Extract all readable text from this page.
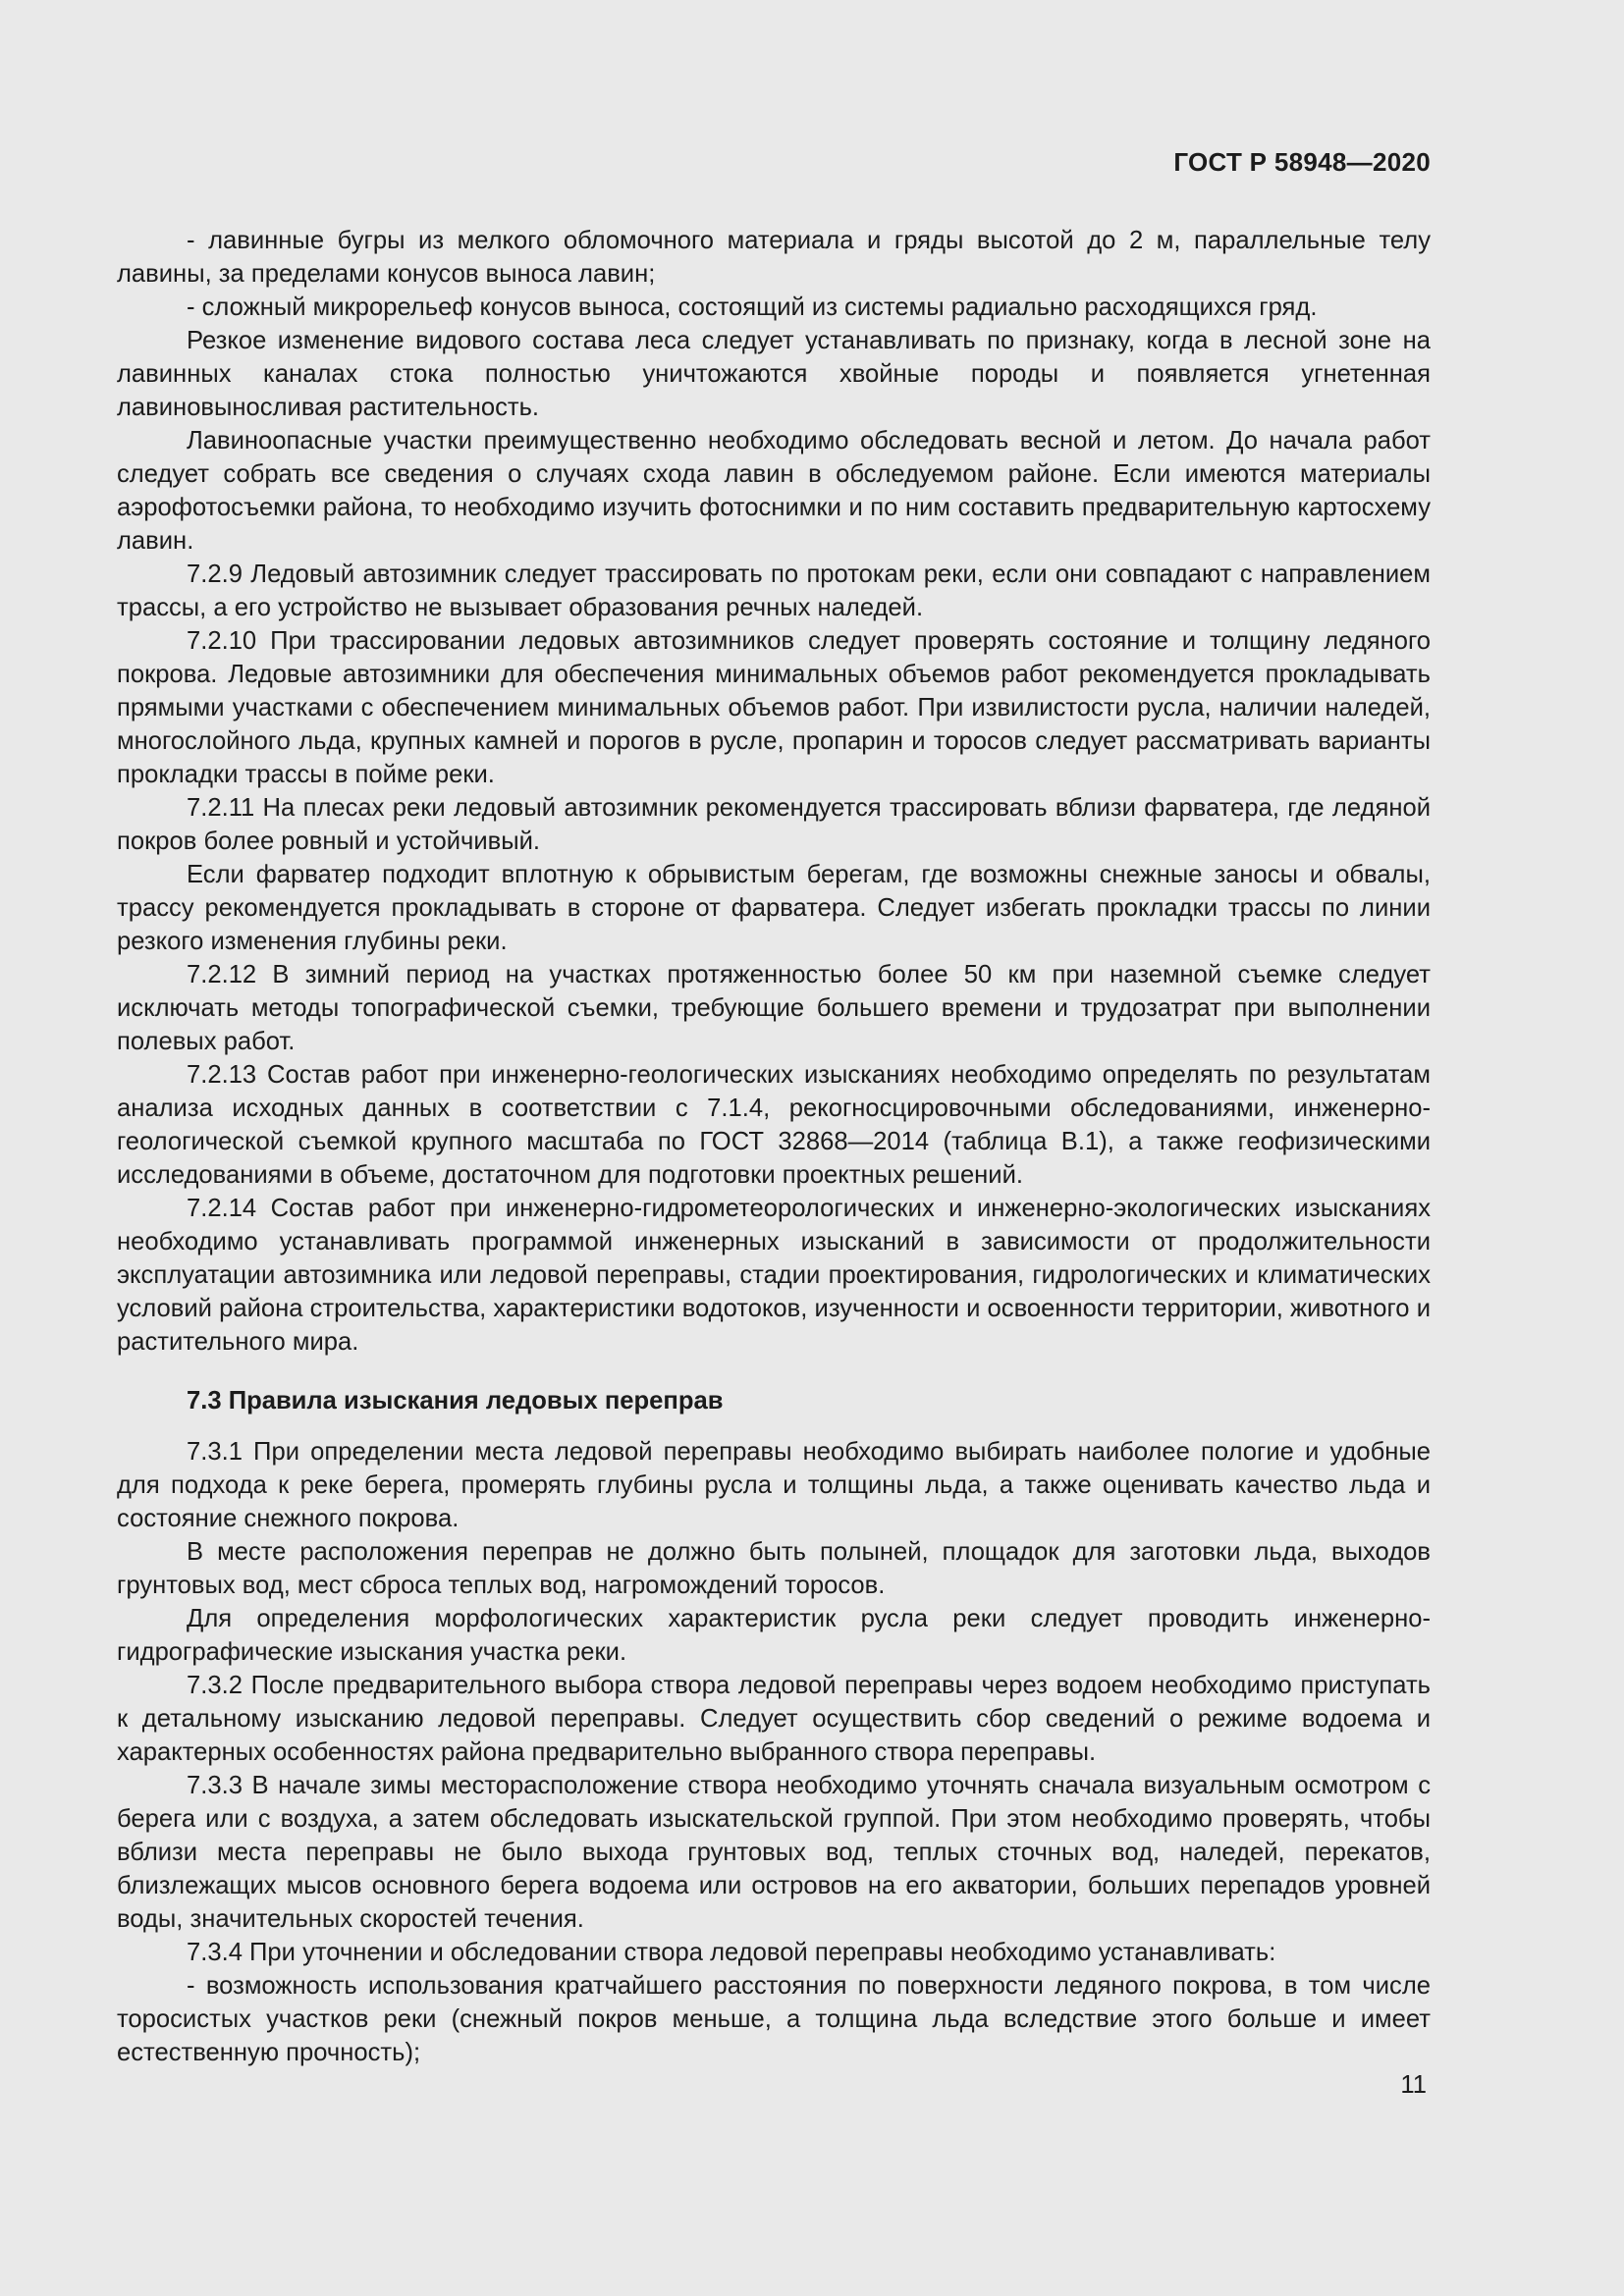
ГОСТ Р 58948—2020

- лавинные бугры из мелкого обломочного материала и гряды высотой до 2 м, параллельные телу лавины, за пределами конусов выноса лавин;

- сложный микрорельеф конусов выноса, состоящий из системы радиально расходящихся гряд.

Резкое изменение видового состава леса следует устанавливать по признаку, когда в лесной зоне на лавинных каналах стока полностью уничтожаются хвойные породы и появляется угнетенная лавиновыносливая растительность.

Лавиноопасные участки преимущественно необходимо обследовать весной и летом. До начала работ следует собрать все сведения о случаях схода лавин в обследуемом районе. Если имеются материалы аэрофотосъемки района, то необходимо изучить фотоснимки и по ним составить предварительную картосхему лавин.

7.2.9 Ледовый автозимник следует трассировать по протокам реки, если они совпадают с направлением трассы, а его устройство не вызывает образования речных наледей.

7.2.10 При трассировании ледовых автозимников следует проверять состояние и толщину ледяного покрова. Ледовые автозимники для обеспечения минимальных объемов работ рекомендуется прокладывать прямыми участками с обеспечением минимальных объемов работ. При извилистости русла, наличии наледей, многослойного льда, крупных камней и порогов в русле, пропарин и торосов следует рассматривать варианты прокладки трассы в пойме реки.

7.2.11 На плесах реки ледовый автозимник рекомендуется трассировать вблизи фарватера, где ледяной покров более ровный и устойчивый.

Если фарватер подходит вплотную к обрывистым берегам, где возможны снежные заносы и обвалы, трассу рекомендуется прокладывать в стороне от фарватера. Следует избегать прокладки трассы по линии резкого изменения глубины реки.

7.2.12 В зимний период на участках протяженностью более 50 км при наземной съемке следует исключать методы топографической съемки, требующие большего времени и трудозатрат при выполнении полевых работ.

7.2.13 Состав работ при инженерно-геологических изысканиях необходимо определять по результатам анализа исходных данных в соответствии с 7.1.4, рекогносцировочными обследованиями, инженерно-геологической съемкой крупного масштаба по ГОСТ 32868—2014 (таблица В.1), а также геофизическими исследованиями в объеме, достаточном для подготовки проектных решений.

7.2.14 Состав работ при инженерно-гидрометеорологических и инженерно-экологических изысканиях необходимо устанавливать программой инженерных изысканий в зависимости от продолжительности эксплуатации автозимника или ледовой переправы, стадии проектирования, гидрологических и климатических условий района строительства, характеристики водотоков, изученности и освоенности территории, животного и растительного мира.

7.3 Правила изыскания ледовых переправ

7.3.1 При определении места ледовой переправы необходимо выбирать наиболее пологие и удобные для подхода к реке берега, промерять глубины русла и толщины льда, а также оценивать качество льда и состояние снежного покрова.

В месте расположения переправ не должно быть полыней, площадок для заготовки льда, выходов грунтовых вод, мест сброса теплых вод, нагромождений торосов.

Для определения морфологических характеристик русла реки следует проводить инженерно-гидрографические изыскания участка реки.

7.3.2 После предварительного выбора створа ледовой переправы через водоем необходимо приступать к детальному изысканию ледовой переправы. Следует осуществить сбор сведений о режиме водоема и характерных особенностях района предварительно выбранного створа переправы.

7.3.3 В начале зимы месторасположение створа необходимо уточнять сначала визуальным осмотром с берега или с воздуха, а затем обследовать изыскательской группой. При этом необходимо проверять, чтобы вблизи места переправы не было выхода грунтовых вод, теплых сточных вод, наледей, перекатов, близлежащих мысов основного берега водоема или островов на его акватории, больших перепадов уровней воды, значительных скоростей течения.

7.3.4 При уточнении и обследовании створа ледовой переправы необходимо устанавливать:

- возможность использования кратчайшего расстояния по поверхности ледяного покрова, в том числе торосистых участков реки (снежный покров меньше, а толщина льда вследствие этого больше и имеет естественную прочность);

11
